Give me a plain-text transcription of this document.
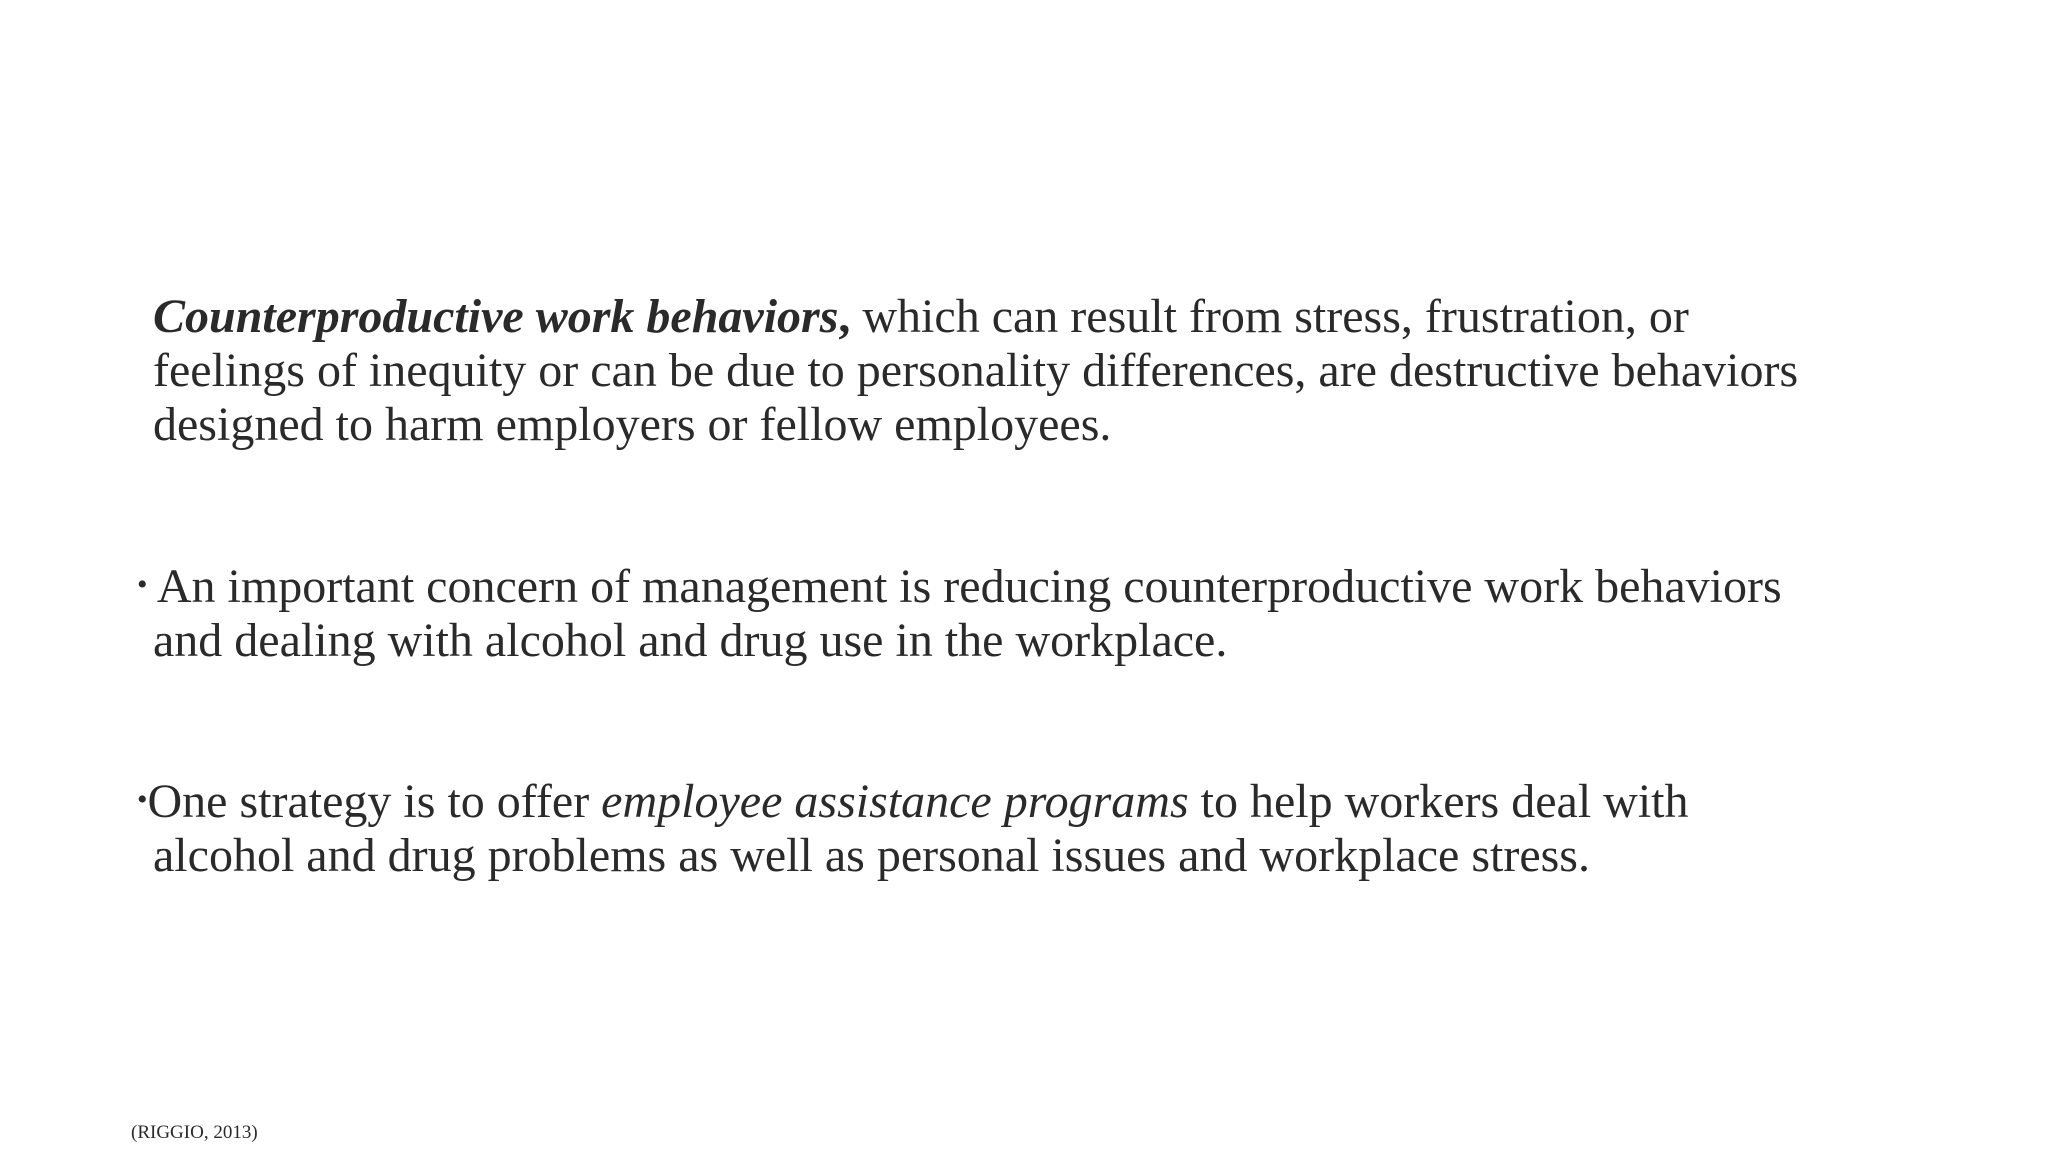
Counterproductive work behaviors, which can result from stress, frustration, or
feelings of inequity or can be due to personality differences, are destructive behaviors
designed to harm employers or fellow employees.

• An important concern of management is reducing counterproductive work behaviors
and dealing with alcohol and drug use in the workplace.

•One strategy is to offer employee assistance programs to help workers deal with
alcohol and drug problems as well as personal issues and workplace stress.

(RIGGIO, 2013)
